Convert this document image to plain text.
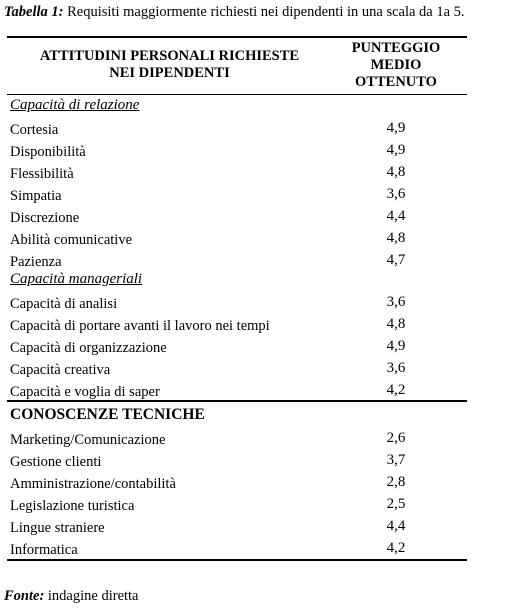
Tabella 1: Requisiti maggiormente richiesti nei dipendenti in una scala da 1a 5.
ATTITUDINI PERSONALI RICHIESTE
NEI DIPENDENTI
PUNTEGGIO
MEDIO
OTTENUTO
Capacità di relazione
Cortesia	4,9
Disponibilità	4,9
Flessibilità	4,8
Simpatia	3,6
Discrezione	4,4
Abilità comunicative	4,8
Pazienza	4,7
Capacità manageriali
Capacità di analisi	3,6
Capacità di portare avanti il lavoro nei tempi	4,8
Capacità di organizzazione	4,9
Capacità creativa	3,6
Capacità e voglia di saper	4,2
CONOSCENZE TECNICHE
Marketing/Comunicazione	2,6
Gestione clienti	3,7
Amministrazione/contabilità	2,8
Legislazione turistica	2,5
Lingue straniere	4,4
Informatica	4,2
Fonte: indagine diretta
